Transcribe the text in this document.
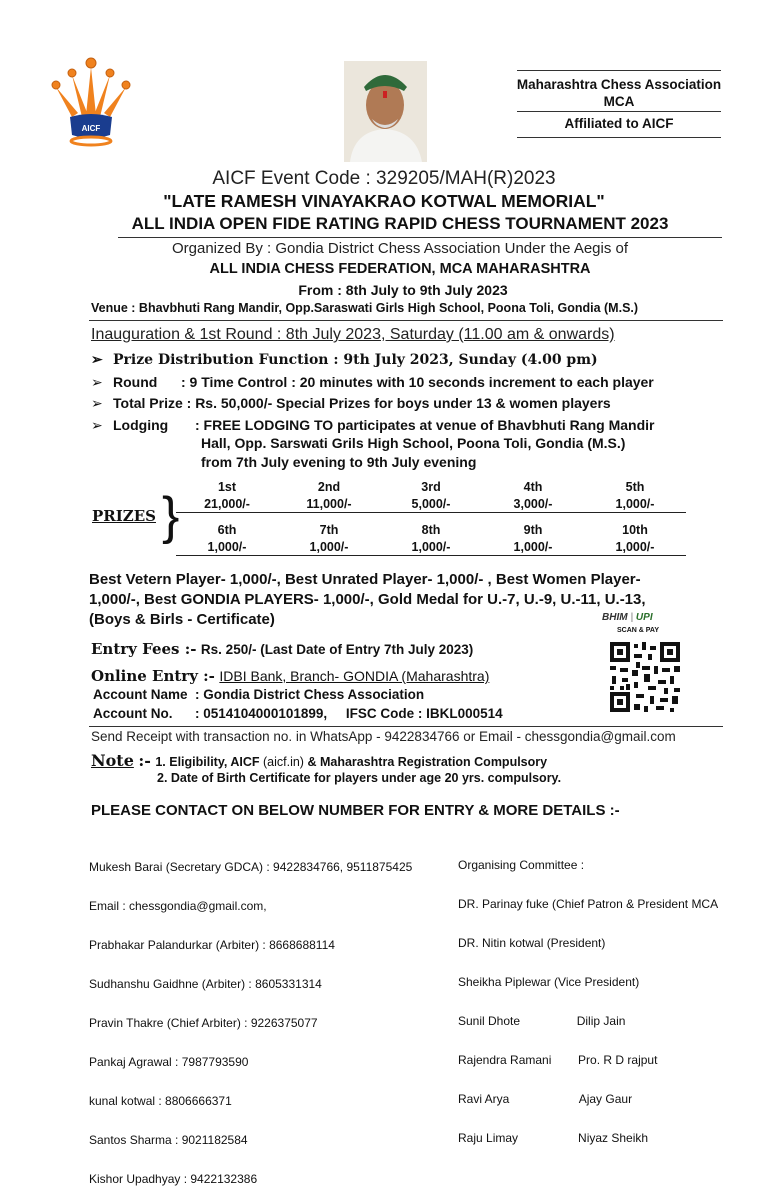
AICF
Maharashtra Chess Association
MCA
Affiliated to AICF
AICF Event Code : 329205/MAH(R)2023
"LATE RAMESH VINAYAKRAO KOTWAL MEMORIAL"
ALL INDIA OPEN FIDE RATING RAPID CHESS TOURNAMENT 2023
Organized By : Gondia District Chess Association Under the Aegis of
ALL INDIA CHESS FEDERATION, MCA MAHARASHTRA
From : 8th July to 9th July 2023
Venue : Bhavbhuti Rang Mandir, Opp.Saraswati Girls High School, Poona Toli, Gondia (M.S.)
Inauguration & 1st Round : 8th July 2023, Saturday (11.00 am & onwards)
➢ Prize Distribution Function : 9th July 2023, Sunday (4.00 pm)
➢ Round : 9 Time Control : 20 minutes with 10 seconds increment to each player
➢ Total Prize : Rs. 50,000/- Special Prizes for boys under 13 & women players
➢ Lodging : FREE LODGING TO participates at venue of Bhavbhuti Rang Mandir
Hall, Opp. Sarswati Grils High School, Poona Toli, Gondia (M.S.)
from 7th July evening to 9th July evening
PRIZES }
1st	2nd	3rd	4th	5th
21,000/-	11,000/-	5,000/-	3,000/-	1,000/-

6th	7th	8th	9th	10th
1,000/-	1,000/-	1,000/-	1,000/-	1,000/-
Best Vetern Player- 1,000/-, Best Unrated Player- 1,000/- , Best Women Player-
1,000/-, Best GONDIA PLAYERS- 1,000/-, Gold Medal for U.-7, U.-9, U.-11, U.-13,
(Boys & Birls - Certificate)	BHIM | UPI
SCAN & PAY
Entry Fees :- Rs. 250/- (Last Date of Entry 7th July 2023)
Online Entry :- IDBI Bank, Branch- GONDIA (Maharashtra)
Account Name  : Gondia District Chess Association
Account No.      : 0514104000101899,     IFSC Code : IBKL000514
Send Receipt with transaction no. in WhatsApp - 9422834766 or Email - chessgondia@gmail.com
Note :- 1. Eligibility, AICF (aicf.in) & Maharashtra Registration Compulsory
2. Date of Birth Certificate for players under age 20 yrs. compulsory.
PLEASE CONTACT ON BELOW NUMBER FOR ENTRY & MORE DETAILS :-

Mukesh Barai (Secretary GDCA) : 9422834766, 9511875425

Email : chessgondia@gmail.com,

Prabhakar Palandurkar (Arbiter) : 8668688114

Sudhanshu Gaidhne (Arbiter) : 8605331314

Pravin Thakre (Chief Arbiter) : 9226375077

Pankaj Agrawal : 7987793590

kunal kotwal : 8806666371

Santos Sharma : 9021182584

Kishor Upadhyay : 9422132386

Organising Committee :

DR. Parinay fuke (Chief Patron & President MCA

DR. Nitin kotwal (President)

Sheikha Piplewar (Vice President)

Sunil Dhote                 Dilip Jain

Rajendra Ramani        Pro. R D rajput

Ravi Arya                     Ajay Gaur

Raju Limay                  Niyaz Sheikh
